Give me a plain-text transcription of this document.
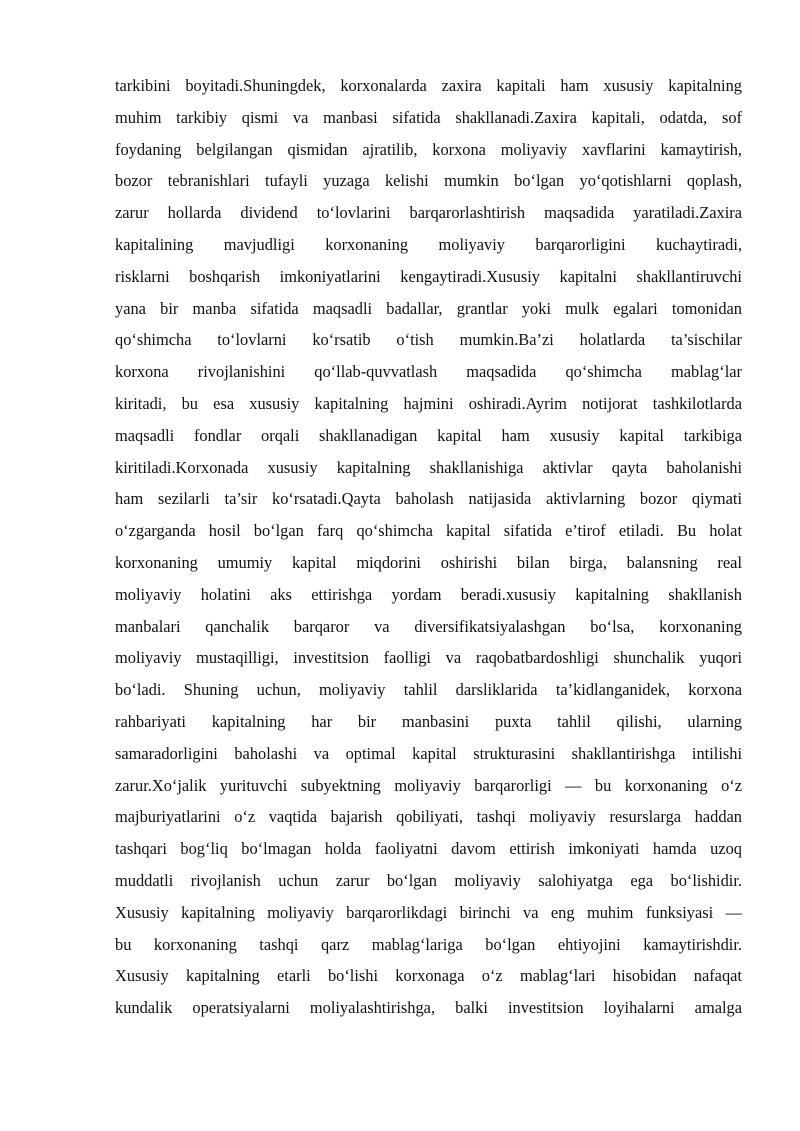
tarkibini boyitadi.Shuningdek, korxonalarda zaxira kapitali ham xususiy kapitalning
muhim tarkibiy qismi va manbasi sifatida shakllanadi.Zaxira kapitali, odatda, sof
foydaning belgilangan qismidan ajratilib, korxona moliyaviy xavflarini kamaytirish,
bozor tebranishlari tufayli yuzaga kelishi mumkin boʻlgan yoʻqotishlarni qoplash,
zarur hollarda dividend toʻlovlarini barqarorlashtirish maqsadida yaratiladi.Zaxira
kapitalining mavjudligi korxonaning moliyaviy barqarorligini kuchaytiradi,
risklarni boshqarish imkoniyatlarini kengaytiradi.Xususiy kapitalni shakllantiruvchi
yana bir manba sifatida maqsadli badallar, grantlar yoki mulk egalari tomonidan
qoʻshimcha toʻlovlarni koʻrsatib oʻtish mumkin.Ba’zi holatlarda ta’sischilar
korxona rivojlanishini qoʻllab-quvvatlash maqsadida qoʻshimcha mablagʻlar
kiritadi, bu esa xususiy kapitalning hajmini oshiradi.Ayrim notijorat tashkilotlarda
maqsadli fondlar orqali shakllanadigan kapital ham xususiy kapital tarkibiga
kiritiladi.Korxonada xususiy kapitalning shakllanishiga aktivlar qayta baholanishi
ham sezilarli ta’sir koʻrsatadi.Qayta baholash natijasida aktivlarning bozor qiymati
oʻzgarganda hosil boʻlgan farq qoʻshimcha kapital sifatida e’tirof etiladi. Bu holat
korxonaning umumiy kapital miqdorini oshirishi bilan birga, balansning real
moliyaviy holatini aks ettirishga yordam beradi.xususiy kapitalning shakllanish
manbalari qanchalik barqaror va diversifikatsiyalashgan boʻlsa, korxonaning
moliyaviy mustaqilligi, investitsion faolligi va raqobatbardoshligi shunchalik yuqori
boʻladi. Shuning uchun, moliyaviy tahlil darsliklarida ta’kidlanganidek, korxona
rahbariyati kapitalning har bir manbasini puxta tahlil qilishi, ularning
samaradorligini baholashi va optimal kapital strukturasini shakllantirishga intilishi
zarur.Xoʻjalik yurituvchi subyektning moliyaviy barqarorligi — bu korxonaning oʻz
majburiyatlarini oʻz vaqtida bajarish qobiliyati, tashqi moliyaviy resurslarga haddan
tashqari bogʻliq boʻlmagan holda faoliyatni davom ettirish imkoniyati hamda uzoq
muddatli rivojlanish uchun zarur boʻlgan moliyaviy salohiyatga ega boʻlishidir.
Xususiy kapitalning moliyaviy barqarorlikdagi birinchi va eng muhim funksiyasi —
bu korxonaning tashqi qarz mablagʻlariga boʻlgan ehtiyojini kamaytirishdir.
Xususiy kapitalning etarli boʻlishi korxonaga oʻz mablagʻlari hisobidan nafaqat
kundalik operatsiyalarni moliyalashtirishga, balki investitsion loyihalarni amalga
